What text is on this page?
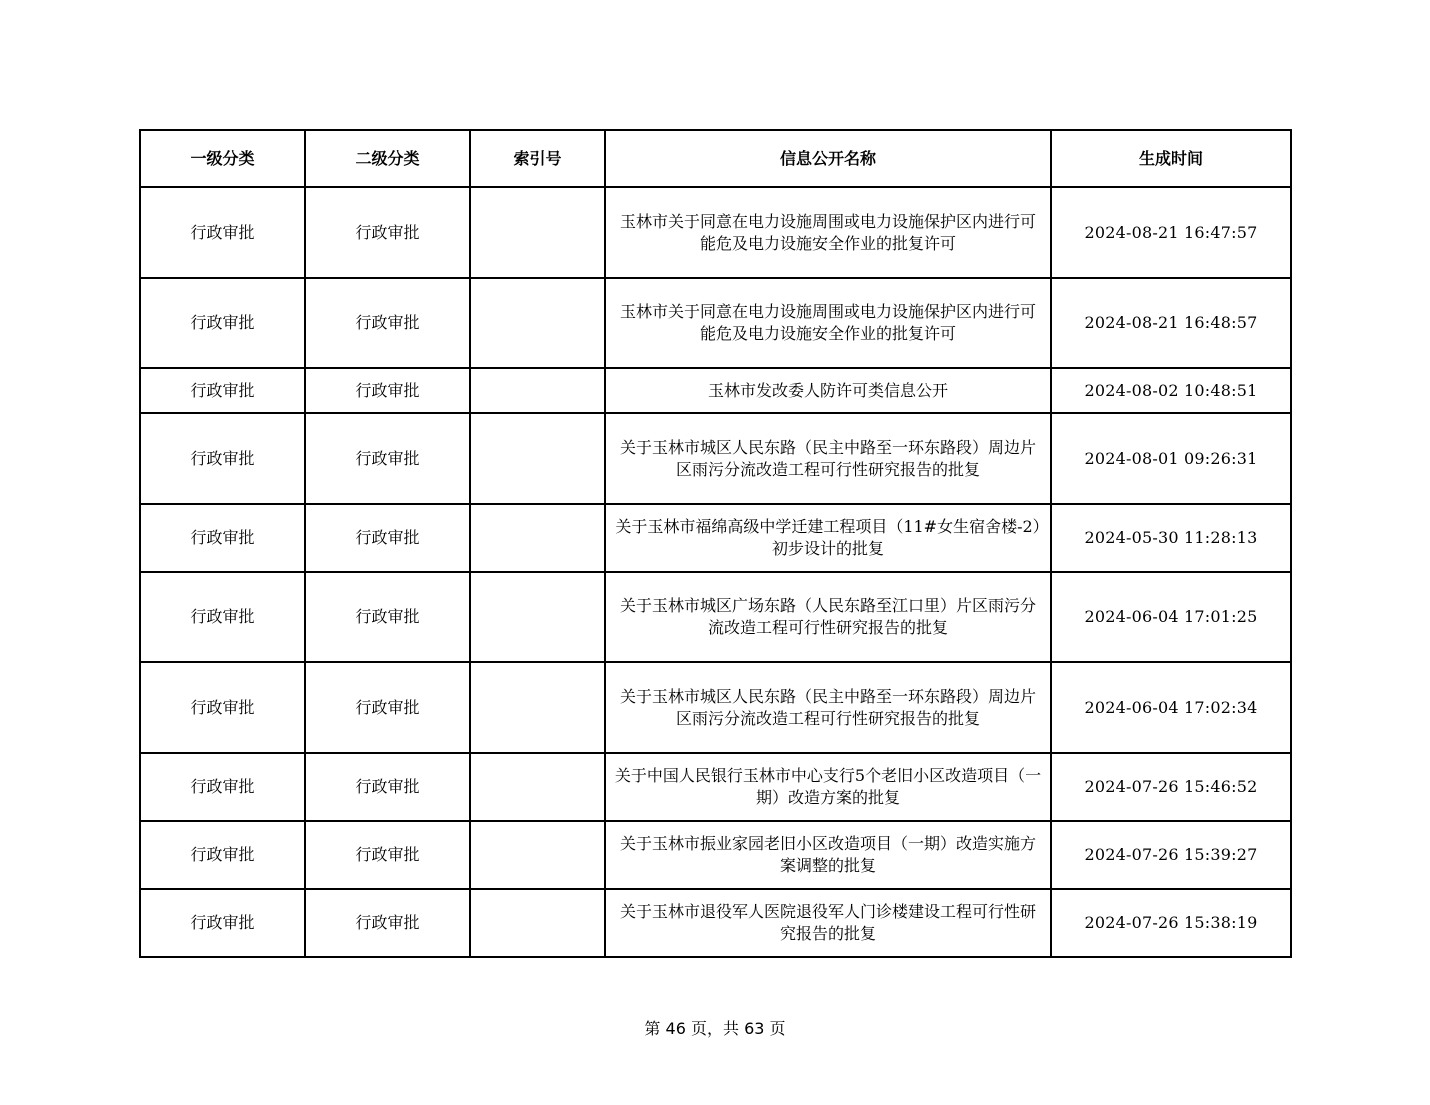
一级分类	二级分类	索引号	信息公开名称	生成时间
行政审批	行政审批		玉林市关于同意在电力设施周围或电力设施保护区内进行可能危及电力设施安全作业的批复许可	2024-08-21 16:47:57
行政审批	行政审批		玉林市关于同意在电力设施周围或电力设施保护区内进行可能危及电力设施安全作业的批复许可	2024-08-21 16:48:57
行政审批	行政审批		玉林市发改委人防许可类信息公开	2024-08-02 10:48:51
行政审批	行政审批		关于玉林市城区人民东路（民主中路至一环东路段）周边片区雨污分流改造工程可行性研究报告的批复	2024-08-01 09:26:31
行政审批	行政审批		关于玉林市福绵高级中学迁建工程项目（11#女生宿舍楼-2）初步设计的批复	2024-05-30 11:28:13
行政审批	行政审批		关于玉林市城区广场东路（人民东路至江口里）片区雨污分流改造工程可行性研究报告的批复	2024-06-04 17:01:25
行政审批	行政审批		关于玉林市城区人民东路（民主中路至一环东路段）周边片区雨污分流改造工程可行性研究报告的批复	2024-06-04 17:02:34
行政审批	行政审批		关于中国人民银行玉林市中心支行5个老旧小区改造项目（一期）改造方案的批复	2024-07-26 15:46:52
行政审批	行政审批		关于玉林市振业家园老旧小区改造项目（一期）改造实施方案调整的批复	2024-07-26 15:39:27
行政审批	行政审批		关于玉林市退役军人医院退役军人门诊楼建设工程可行性研究报告的批复	2024-07-26 15:38:19
第 46 页，共 63 页
